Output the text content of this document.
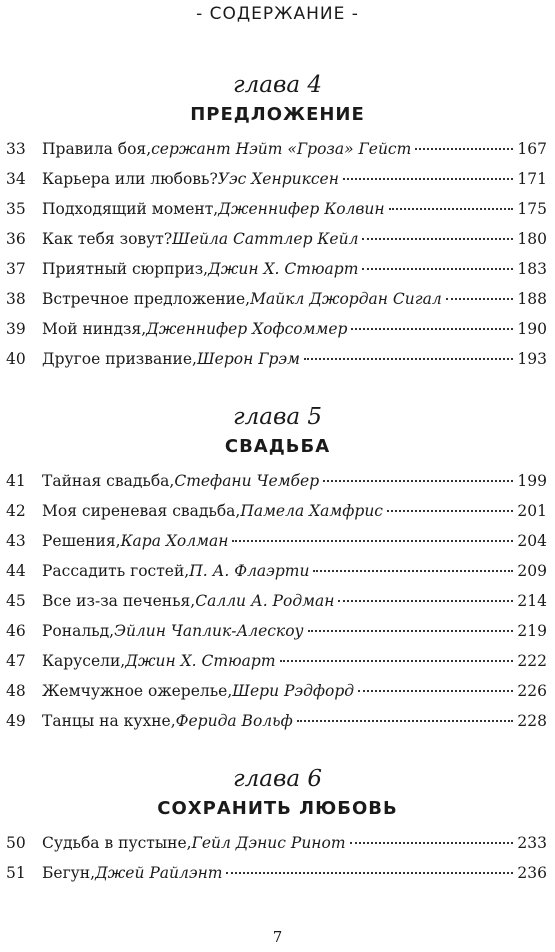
- СОДЕРЖАНИЕ -
глава 4
ПРЕДЛОЖЕНИЕ
33	Правила боя, сержант Нэйт «Гроза» Гейст	167
34	Карьера или любовь? Уэс Хенриксен	171
35	Подходящий момент, Дженнифер Колвин	175
36	Как тебя зовут? Шейла Саттлер Кейл	180
37	Приятный сюрприз, Джин Х. Стюарт	183
38	Встречное предложение, Майкл Джордан Сигал	188
39	Мой ниндзя, Дженнифер Хофсоммер	190
40	Другое призвание, Шерон Грэм	193
глава 5
СВАДЬБА
41	Тайная свадьба, Стефани Чембер	199
42	Моя сиреневая свадьба, Памела Хамфрис	201
43	Решения, Кара Холман	204
44	Рассадить гостей, П. А. Флаэрти	209
45	Все из-за печенья, Салли А. Родман	214
46	Рональд, Эйлин Чаплик-Алескоу	219
47	Карусели, Джин Х. Стюарт	222
48	Жемчужное ожерелье, Шери Рэдфорд	226
49	Танцы на кухне, Ферида Вольф	228
глава 6
СОХРАНИТЬ ЛЮБОВЬ
50	Судьба в пустыне, Гейл Дэнис Ринот	233
51	Бегун, Джей Райлэнт	236
7
